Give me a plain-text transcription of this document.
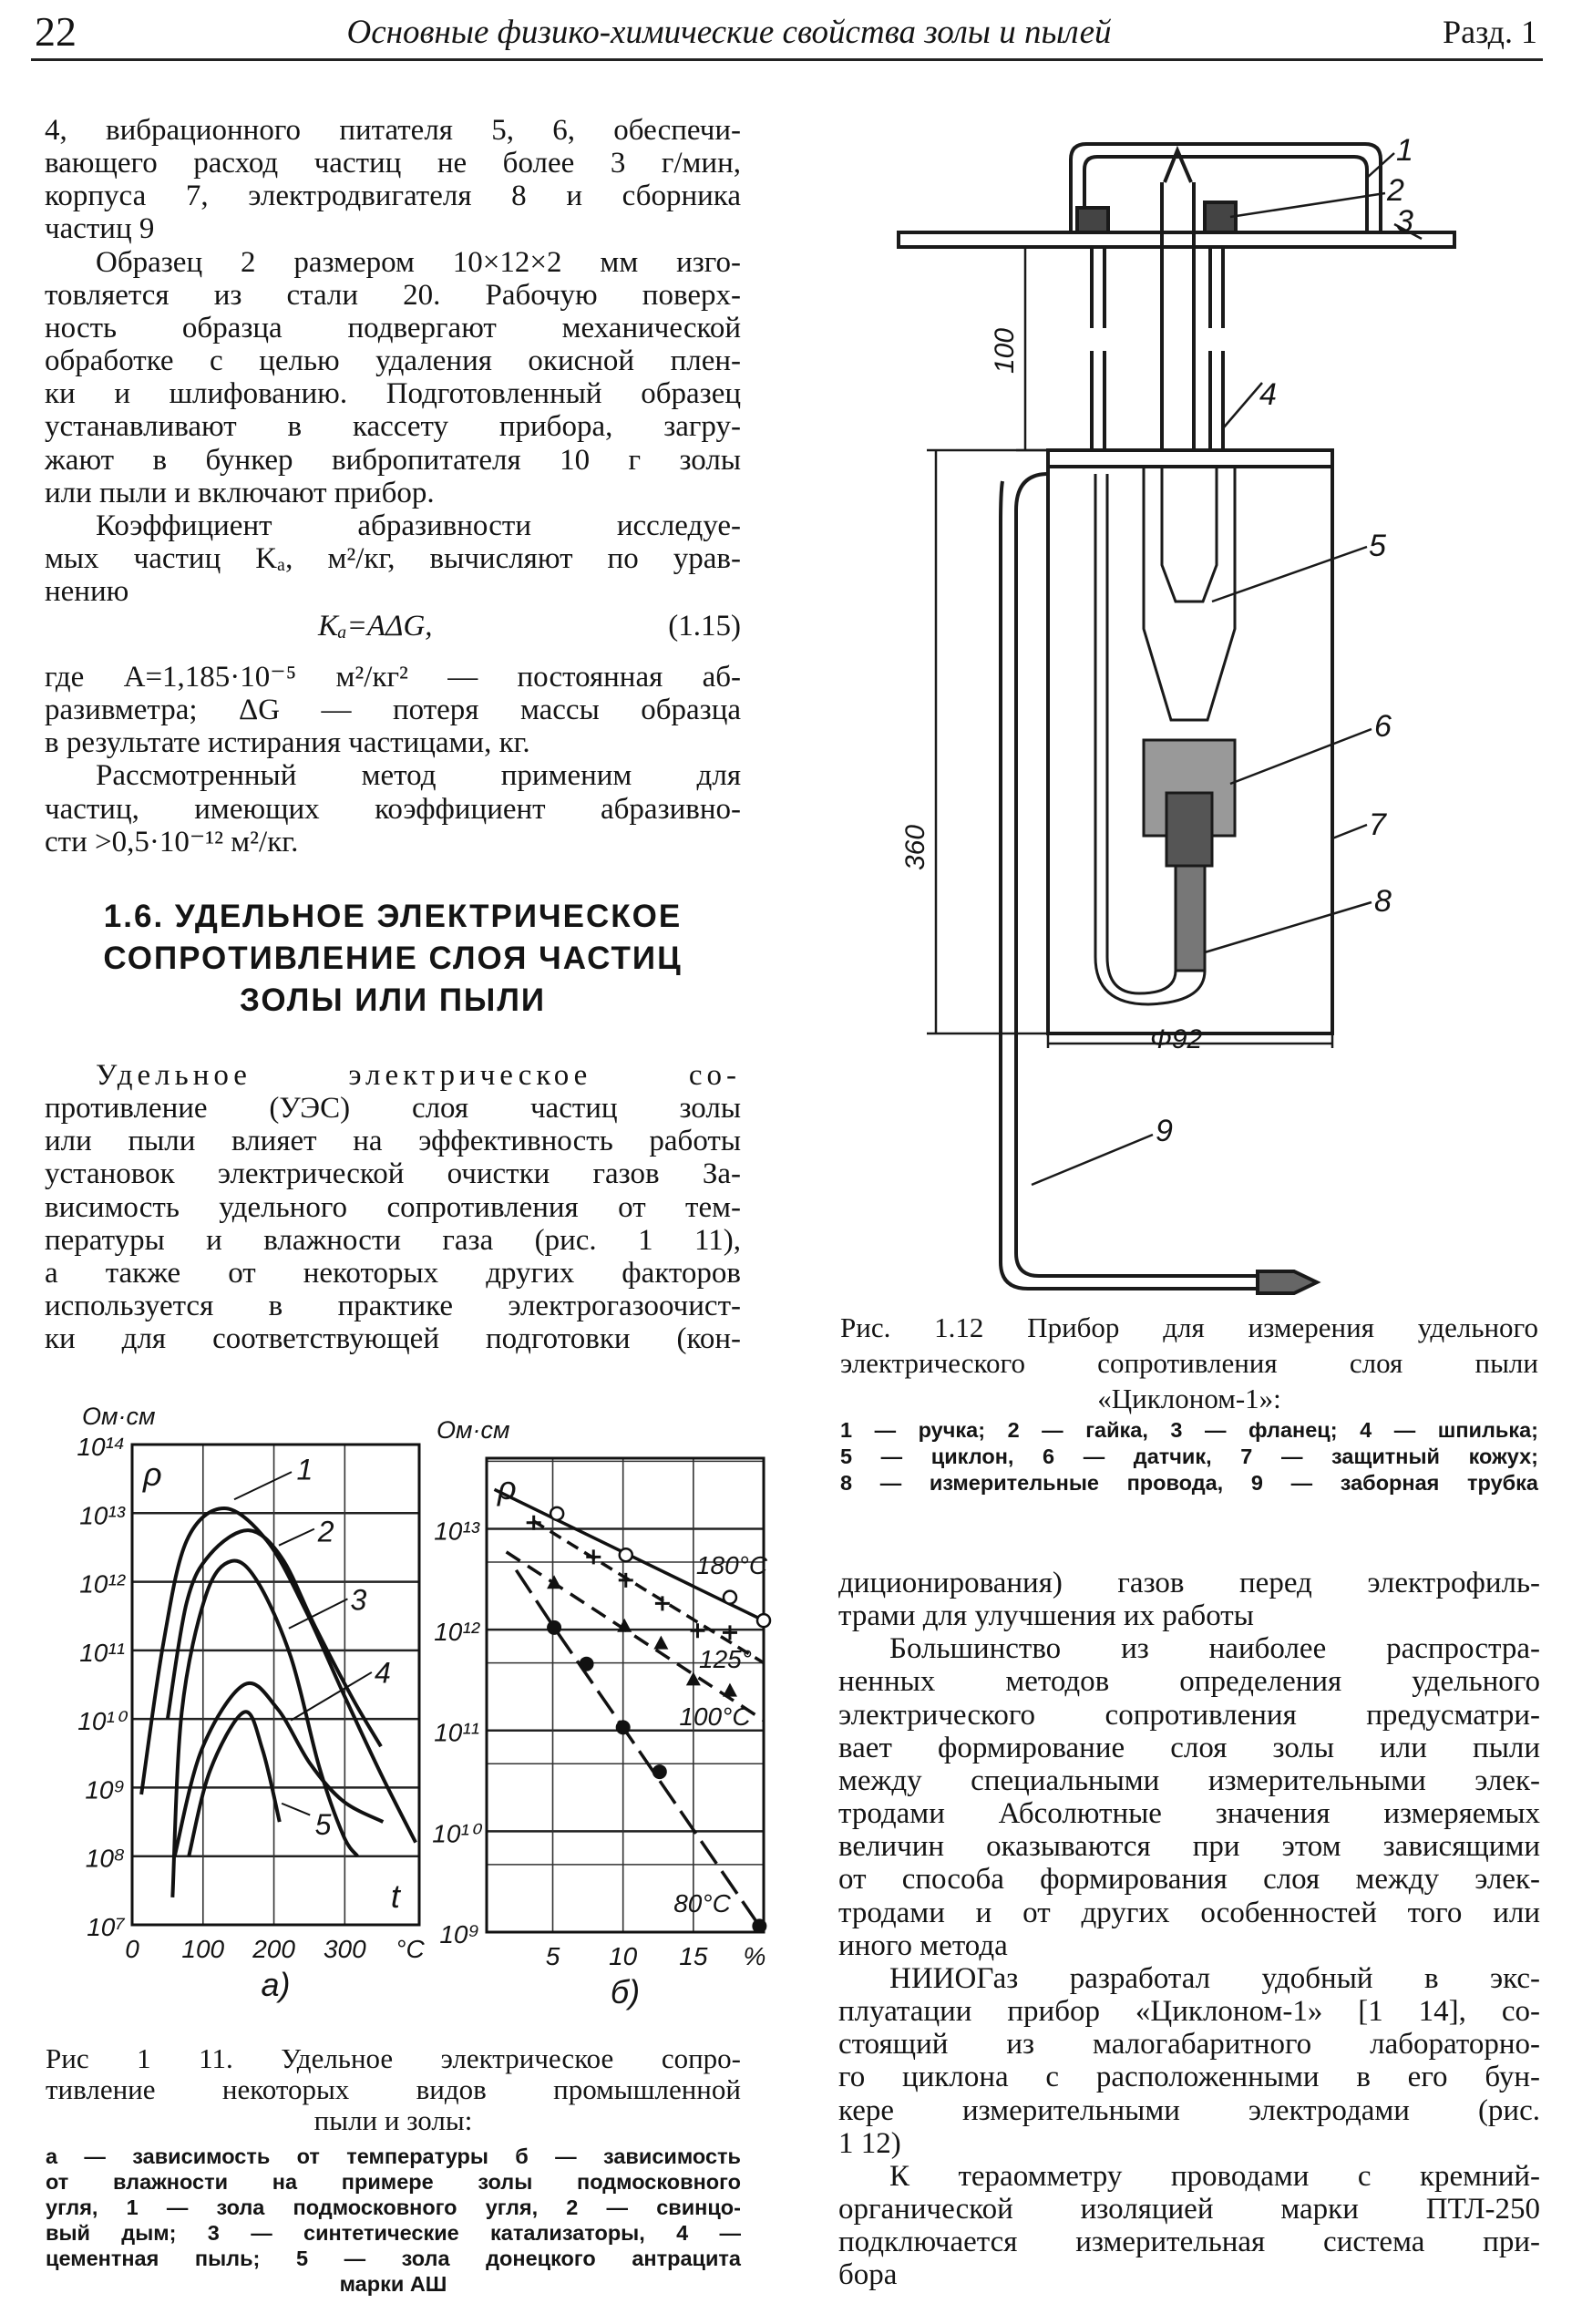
22	Основные физико-химические свойства золы и пылей	Разд. 1
4, вибрационного питателя 5, 6, обеспечи-
вающего расход частиц не более 3 г/мин,
корпуса 7, электродвигателя 8 и сборника
частиц 9
Образец 2 размером 10×12×2 мм изго-
товляется из стали 20. Рабочую поверх-
ность образца подвергают механической
обработке с целью удаления окисной плен-
ки и шлифованию. Подготовленный образец
устанавливают в кассету прибора, загру-
жают в бункер вибропитателя 10 г золы
или пыли и включают прибор.
Коэффициент абразивности исследуе-
мых частиц Kₐ, м²/кг, вычисляют по урав-
нению
Kₐ=AΔG,	(1.15)
где A=1,185·10⁻⁵ м²/кг² — постоянная аб-
разивметра; ΔG — потеря массы образца
в результате истирания частицами, кг.
Рассмотренный метод применим для
частиц, имеющих коэффициент абразивно-
сти >0,5·10⁻¹² м²/кг.
1.6. УДЕЛЬНОЕ ЭЛЕКТРИЧЕСКОЕ
СОПРОТИВЛЕНИЕ СЛОЯ ЧАСТИЦ
ЗОЛЫ ИЛИ ПЫЛИ
Удельное электрическое со-
противление (УЭС) слоя частиц золы
или пыли влияет на эффективность работы
установок электрической очистки газов За-
висимость удельного сопротивления от тем-
пературы и влажности газа (рис. 1 11),
а также от некоторых других факторов
используется в практике электрогазоочист-
ки для соответствующей подготовки (кон-
Рис 1 11. Удельное электрическое сопро-
тивление некоторых видов промышленной
пыли и золы:
а — зависимость от температуры б — зависимость
от влажности на примере золы подмосковного
угля, 1 — зола подмосковного угля, 2 — свинцо-
вый дым; 3 — синтетические катализаторы, 4 —
цементная пыль; 5 — зола донецкого антрацита
марки АШ
Рис. 1.12 Прибор для измерения удельного
электрического сопротивления слоя пыли
«Циклоном-1»:
1 — ручка; 2 — гайка, 3 — фланец; 4 — шпилька;
5 — циклон, 6 — датчик, 7 — защитный кожух;
8 — измерительные провода, 9 — заборная трубка
диционирования) газов перед электрофиль-
трами для улучшения их работы
Большинство из наиболее распростра-
ненных методов определения удельного
электрического сопротивления предусматри-
вает формирование слоя золы или пыли
между специальными измерительными элек-
тродами Абсолютные значения измеряемых
величин оказываются при этом зависящими
от способа формирования слоя между элек-
тродами и от других особенностей того или
иного метода
НИИОГаз разработал удобный в экс-
плуатации прибор «Циклоном-1» [1 14], со-
стоящий из малогабаритного лабораторно-
го циклона с расположенными в его бун-
кере измерительными электродами (рис.
1 12)
К тераомметру проводами с кремний-
органической изоляцией марки ПТЛ-250
подключается измерительная система при-
бора
1
2
3
4
5
6
7
8
9
100
360
Ф92
10⁷
10⁸
10⁹
10¹⁰
10¹¹
10¹²
10¹³
10¹⁴
0 100 200 300 °C
Ом·см
ρ
t
а)
1
2
3
4
5
10⁹
10¹⁰
10¹¹
10¹²
10¹³
5 10 15 %
Ом·см
ρ
б)
180°C
125°
100°C
80°C
